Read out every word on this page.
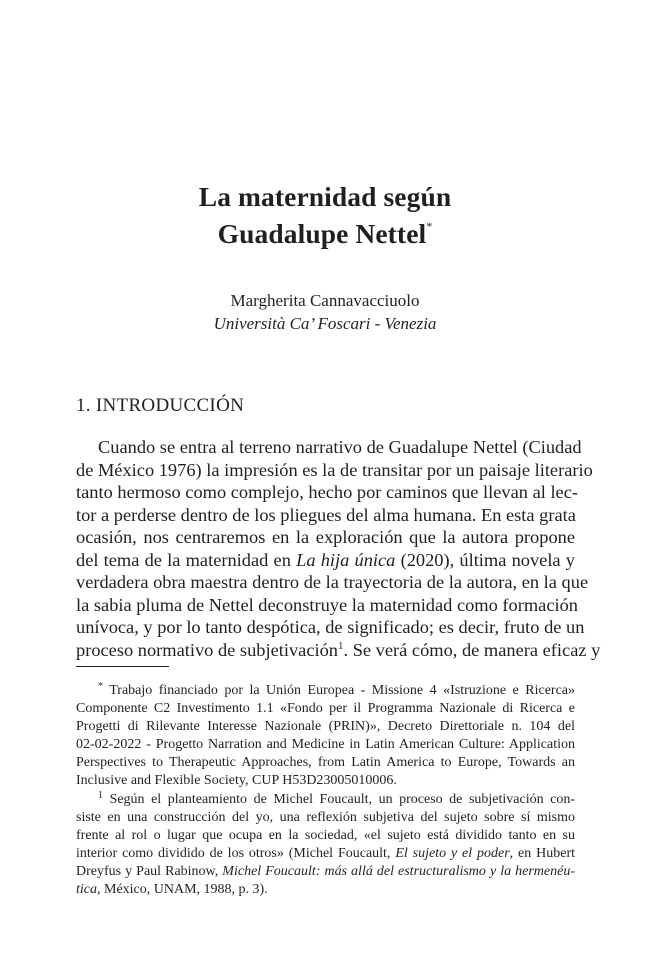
La maternidad según
Guadalupe Nettel*
Margherita Cannavacciuolo
Università Ca’ Foscari - Venezia
1. INTRODUCCIÓN
Cuando se entra al terreno narrativo de Guadalupe Nettel (Ciudad
de México 1976) la impresión es la de transitar por un paisaje literario
tanto hermoso como complejo, hecho por caminos que llevan al lec-
tor a perderse dentro de los pliegues del alma humana. En esta grata
ocasión, nos centraremos en la exploración que la autora propone
del tema de la maternidad en La hija única (2020), última novela y
verdadera obra maestra dentro de la trayectoria de la autora, en la que
la sabia pluma de Nettel deconstruye la maternidad como formación
unívoca, y por lo tanto despótica, de significado; es decir, fruto de un
proceso normativo de subjetivación$^1$. Se verá cómo, de manera eficaz y
* Trabajo financiado por la Unión Europea - Missione 4 «Istruzione e Ricerca»
Componente C2 Investimento 1.1 «Fondo per il Programma Nazionale di Ricerca e
Progetti di Rilevante Interesse Nazionale (PRIN)», Decreto Direttoriale n. 104 del
02-02-2022 - Progetto Narration and Medicine in Latin American Culture: Application
Perspectives to Therapeutic Approaches, from Latin America to Europe, Towards an
Inclusive and Flexible Society, CUP H53D23005010006.
$^1$ Según el planteamiento de Michel Foucault, un proceso de subjetivación con-
siste en una construcción del yo, una reflexión subjetiva del sujeto sobre sí mismo
frente al rol o lugar que ocupa en la sociedad, «el sujeto está dividido tanto en su
interior como dividido de los otros» (Michel Foucault, El sujeto y el poder, en Hubert
Dreyfus y Paul Rabinow, Michel Foucault: más allá del estructuralismo y la hermenéu-
tica, México, UNAM, 1988, p. 3).
